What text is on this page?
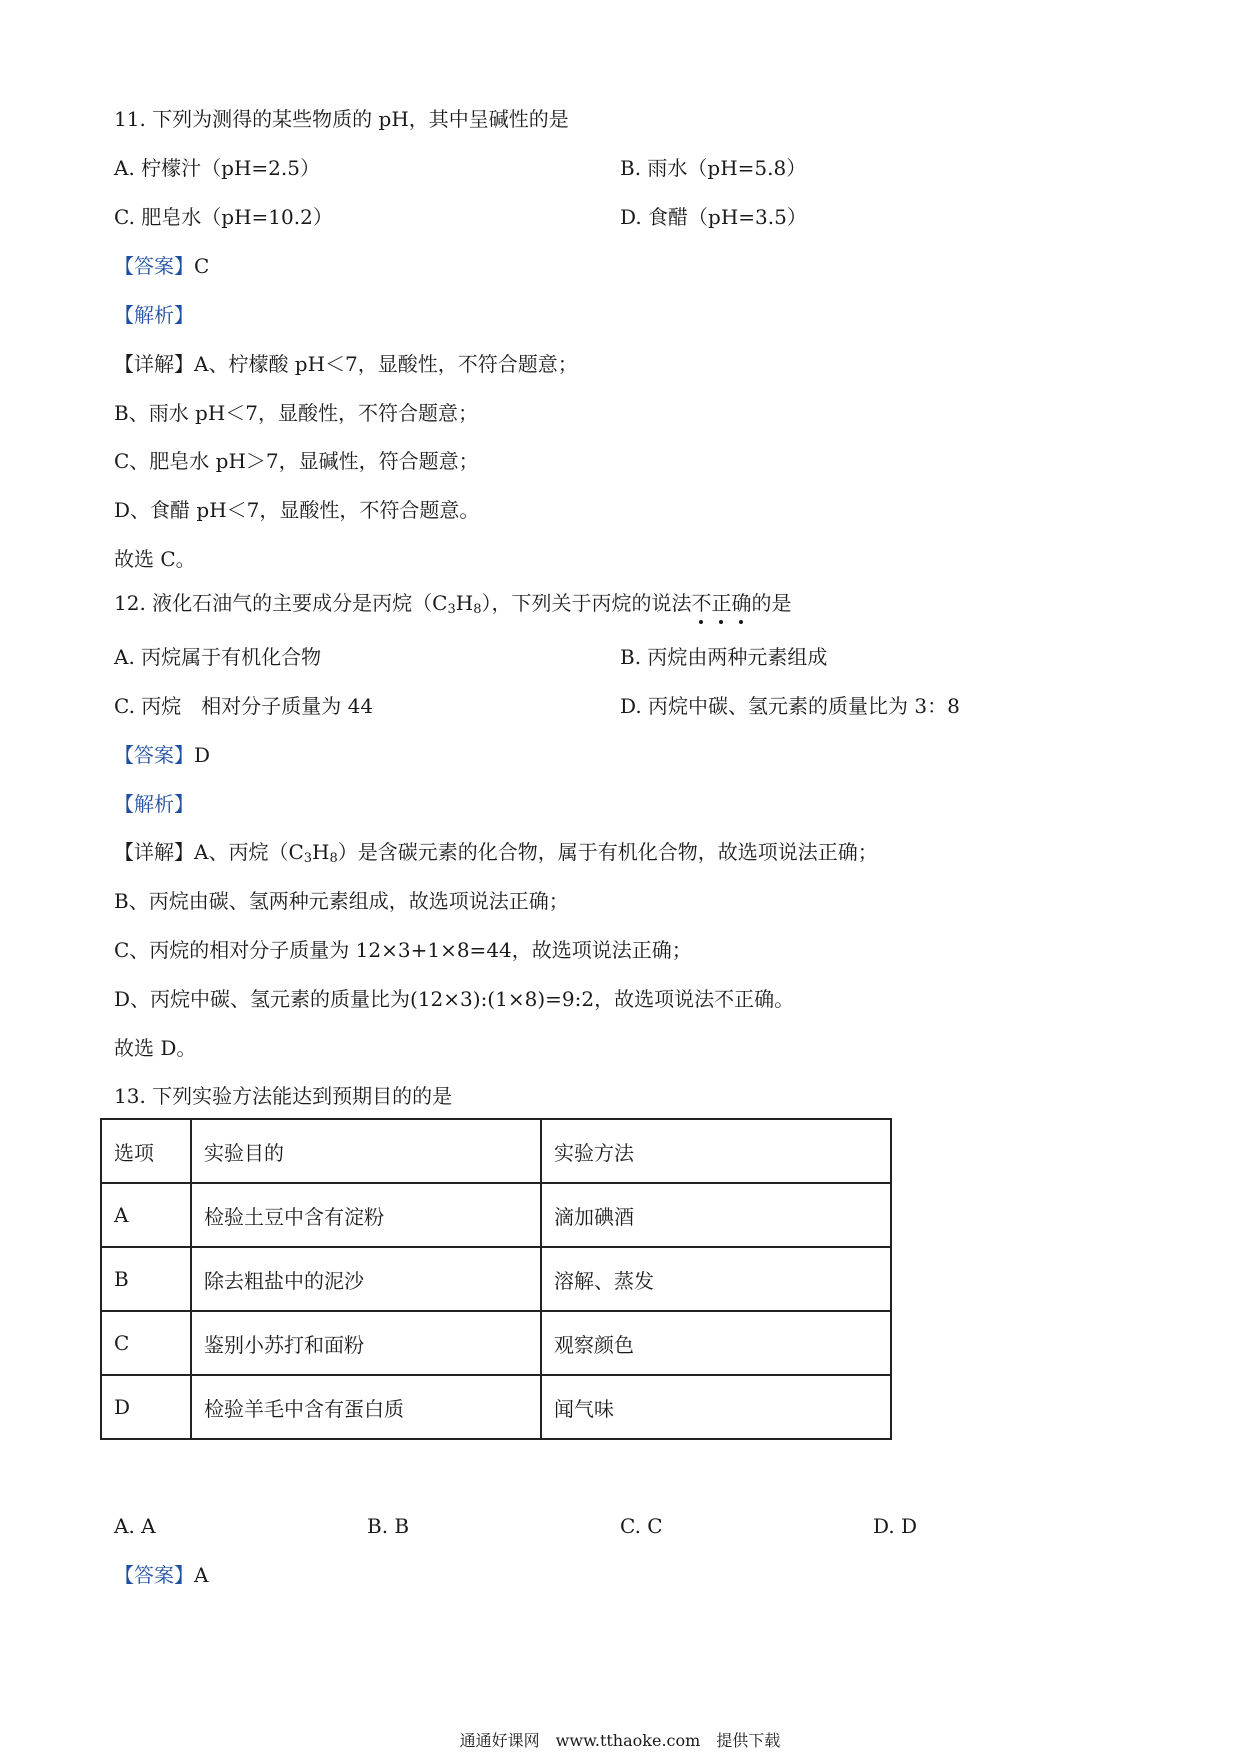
11. 下列为测得的某些物质的 pH，其中呈碱性的是
A. 柠檬汁（pH=2.5）	B. 雨水（pH=5.8）
C. 肥皂水（pH=10.2）	D. 食醋（pH=3.5）
【答案】C
【解析】
【详解】A、柠檬酸 pH＜7，显酸性，不符合题意；
B、雨水 pH＜7，显酸性，不符合题意；
C、肥皂水 pH＞7，显碱性，符合题意；
D、食醋 pH＜7，显酸性，不符合题意。
故选 C。
12. 液化石油气的主要成分是丙烷$(C_3H_8)$，下列关于丙烷的说法不正确的是
A. 丙烷属于有机化合物	B. 丙烷由两种元素组成
C. 丙烷　相对分子质量为 44	D. 丙烷中碳、氢元素的质量比为 3：8
【答案】D
【解析】
【详解】A、丙烷$(C_3H_8)$是含碳元素的化合物，属于有机化合物，故选项说法正确；
B、丙烷由碳、氢两种元素组成，故选项说法正确；
C、丙烷的相对分子质量为 12×3+1×8=44，故选项说法正确；
D、丙烷中碳、氢元素的质量比为(12×3):(1×8)=9:2，故选项说法不正确。
故选 D。
13. 下列实验方法能达到预期目的的是
选项	实验目的	实验方法
A	检验土豆中含有淀粉	滴加碘酒
B	除去粗盐中的泥沙	溶解、蒸发
C	鉴别小苏打和面粉	观察颜色
D	检验羊毛中含有蛋白质	闻气味
A. A	B. B	C. C	D. D
【答案】A
通通好课网　www.tthaoke.com　提供下载
